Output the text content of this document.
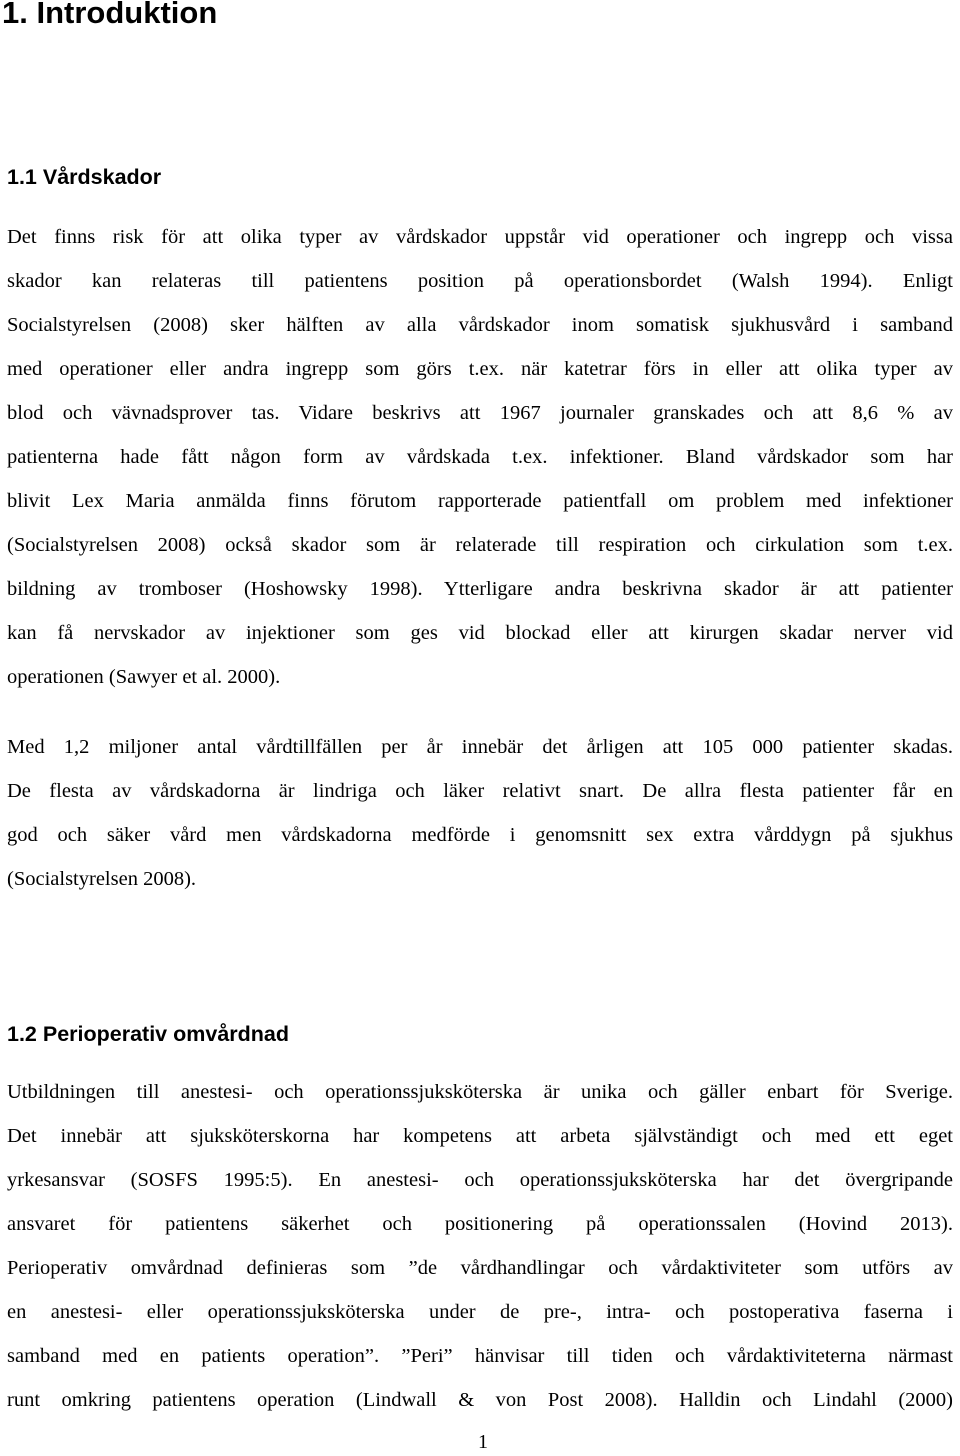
1. Introduktion
1.1 Vårdskador
Det finns risk för att olika typer av vårdskador uppstår vid operationer och ingrepp och vissa
skador kan relateras till patientens position på operationsbordet (Walsh 1994). Enligt
Socialstyrelsen (2008) sker hälften av alla vårdskador inom somatisk sjukhusvård i samband
med operationer eller andra ingrepp som görs t.ex. när katetrar förs in eller att olika typer av
blod och vävnadsprover tas. Vidare beskrivs att 1967 journaler granskades och att 8,6 % av
patienterna hade fått någon form av vårdskada t.ex. infektioner. Bland vårdskador som har
blivit Lex Maria anmälda finns förutom rapporterade patientfall om problem med infektioner
(Socialstyrelsen 2008) också skador som är relaterade till respiration och cirkulation som t.ex.
bildning av tromboser (Hoshowsky 1998). Ytterligare andra beskrivna skador är att patienter
kan få nervskador av injektioner som ges vid blockad eller att kirurgen skadar nerver vid
operationen (Sawyer et al. 2000).
Med 1,2 miljoner antal vårdtillfällen per år innebär det årligen att 105 000 patienter skadas.
De flesta av vårdskadorna är lindriga och läker relativt snart. De allra flesta patienter får en
god och säker vård men vårdskadorna medförde i genomsnitt sex extra vårddygn på sjukhus
(Socialstyrelsen 2008).
1.2 Perioperativ omvårdnad
Utbildningen till anestesi- och operationssjuksköterska är unika och gäller enbart för Sverige.
Det innebär att sjuksköterskorna har kompetens att arbeta självständigt och med ett eget
yrkesansvar (SOSFS 1995:5). En anestesi- och operationssjuksköterska har det övergripande
ansvaret för patientens säkerhet och positionering på operationssalen (Hovind 2013).
Perioperativ omvårdnad definieras som ”de vårdhandlingar och vårdaktiviteter som utförs av
en anestesi- eller operationssjuksköterska under de pre-, intra- och postoperativa faserna i
samband med en patients operation”. ”Peri” hänvisar till tiden och vårdaktiviteterna närmast
runt omkring patientens operation (Lindwall & von Post 2008). Halldin och Lindahl (2000)
1
